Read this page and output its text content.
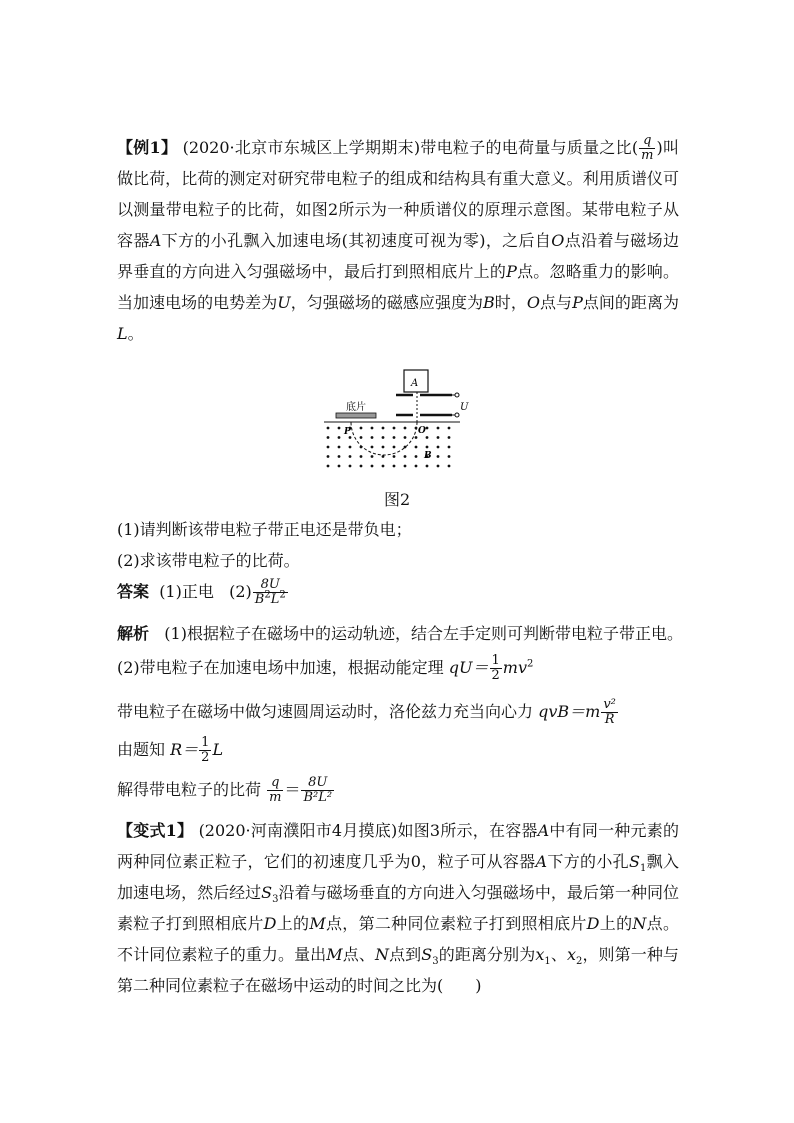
【例1】 (2020·北京市东城区上学期期末)带电粒子的电荷量与质量之比( $\frac{q}{m}$ )叫做比荷，比荷的测定对研究带电粒子的组成和结构具有重大意义。利用质谱仪可以测量带电粒子的比荷，如图2所示为一种质谱仪的原理示意图。某带电粒子从容器A下方的小孔飘入加速电场(其初速度可视为零)，之后自O点沿着与磁场边界垂直的方向进入匀强磁场中，最后打到照相底片上的P点。忽略重力的影响。当加速电场的电势差为U，匀强磁场的磁感应强度为B时，O点与P点间的距离为L。
A
U
底片
P	O
B
图2
(1)请判断该带电粒子带正电还是带负电；
(2)求该带电粒子的比荷。
答案 (1)正电 $(2) \frac{8U}{B^2L^2}$
解析 (1)根据粒子在磁场中的运动轨迹，结合左手定则可判断带电粒子带正电。
(2)带电粒子在加速电场中加速，根据动能定理 $qU= \frac{1}{2} mv^2$
带电粒子在磁场中做匀速圆周运动时，洛伦兹力充当向心力 $qvB=m \frac{\text{v²}}{R}$
由题知 $R= \frac{1}{2}$ L
解得带电粒子的比荷 $\frac{q}{m} = \frac{8U}{\text{B²L²}}$
【变式1】 (2020·河南濮阳市4月摸底)如图3所示，在容器A中有同一种元素的两种同位素正粒子，它们的初速度几乎为0，粒子可从容器A下方的小孔$S_1$飘入加速电场，然后经过$S_3$沿着与磁场垂直的方向进入匀强磁场中，最后第一种同位素粒子打到照相底片D上的M点，第二种同位素粒子打到照相底片D上的N点。不计同位素粒子的重力。量出M点、N点到$S_3$的距离分别为$x_1$、$x_2$，则第一种与第二种同位素粒子在磁场中运动的时间之比为(　　)
